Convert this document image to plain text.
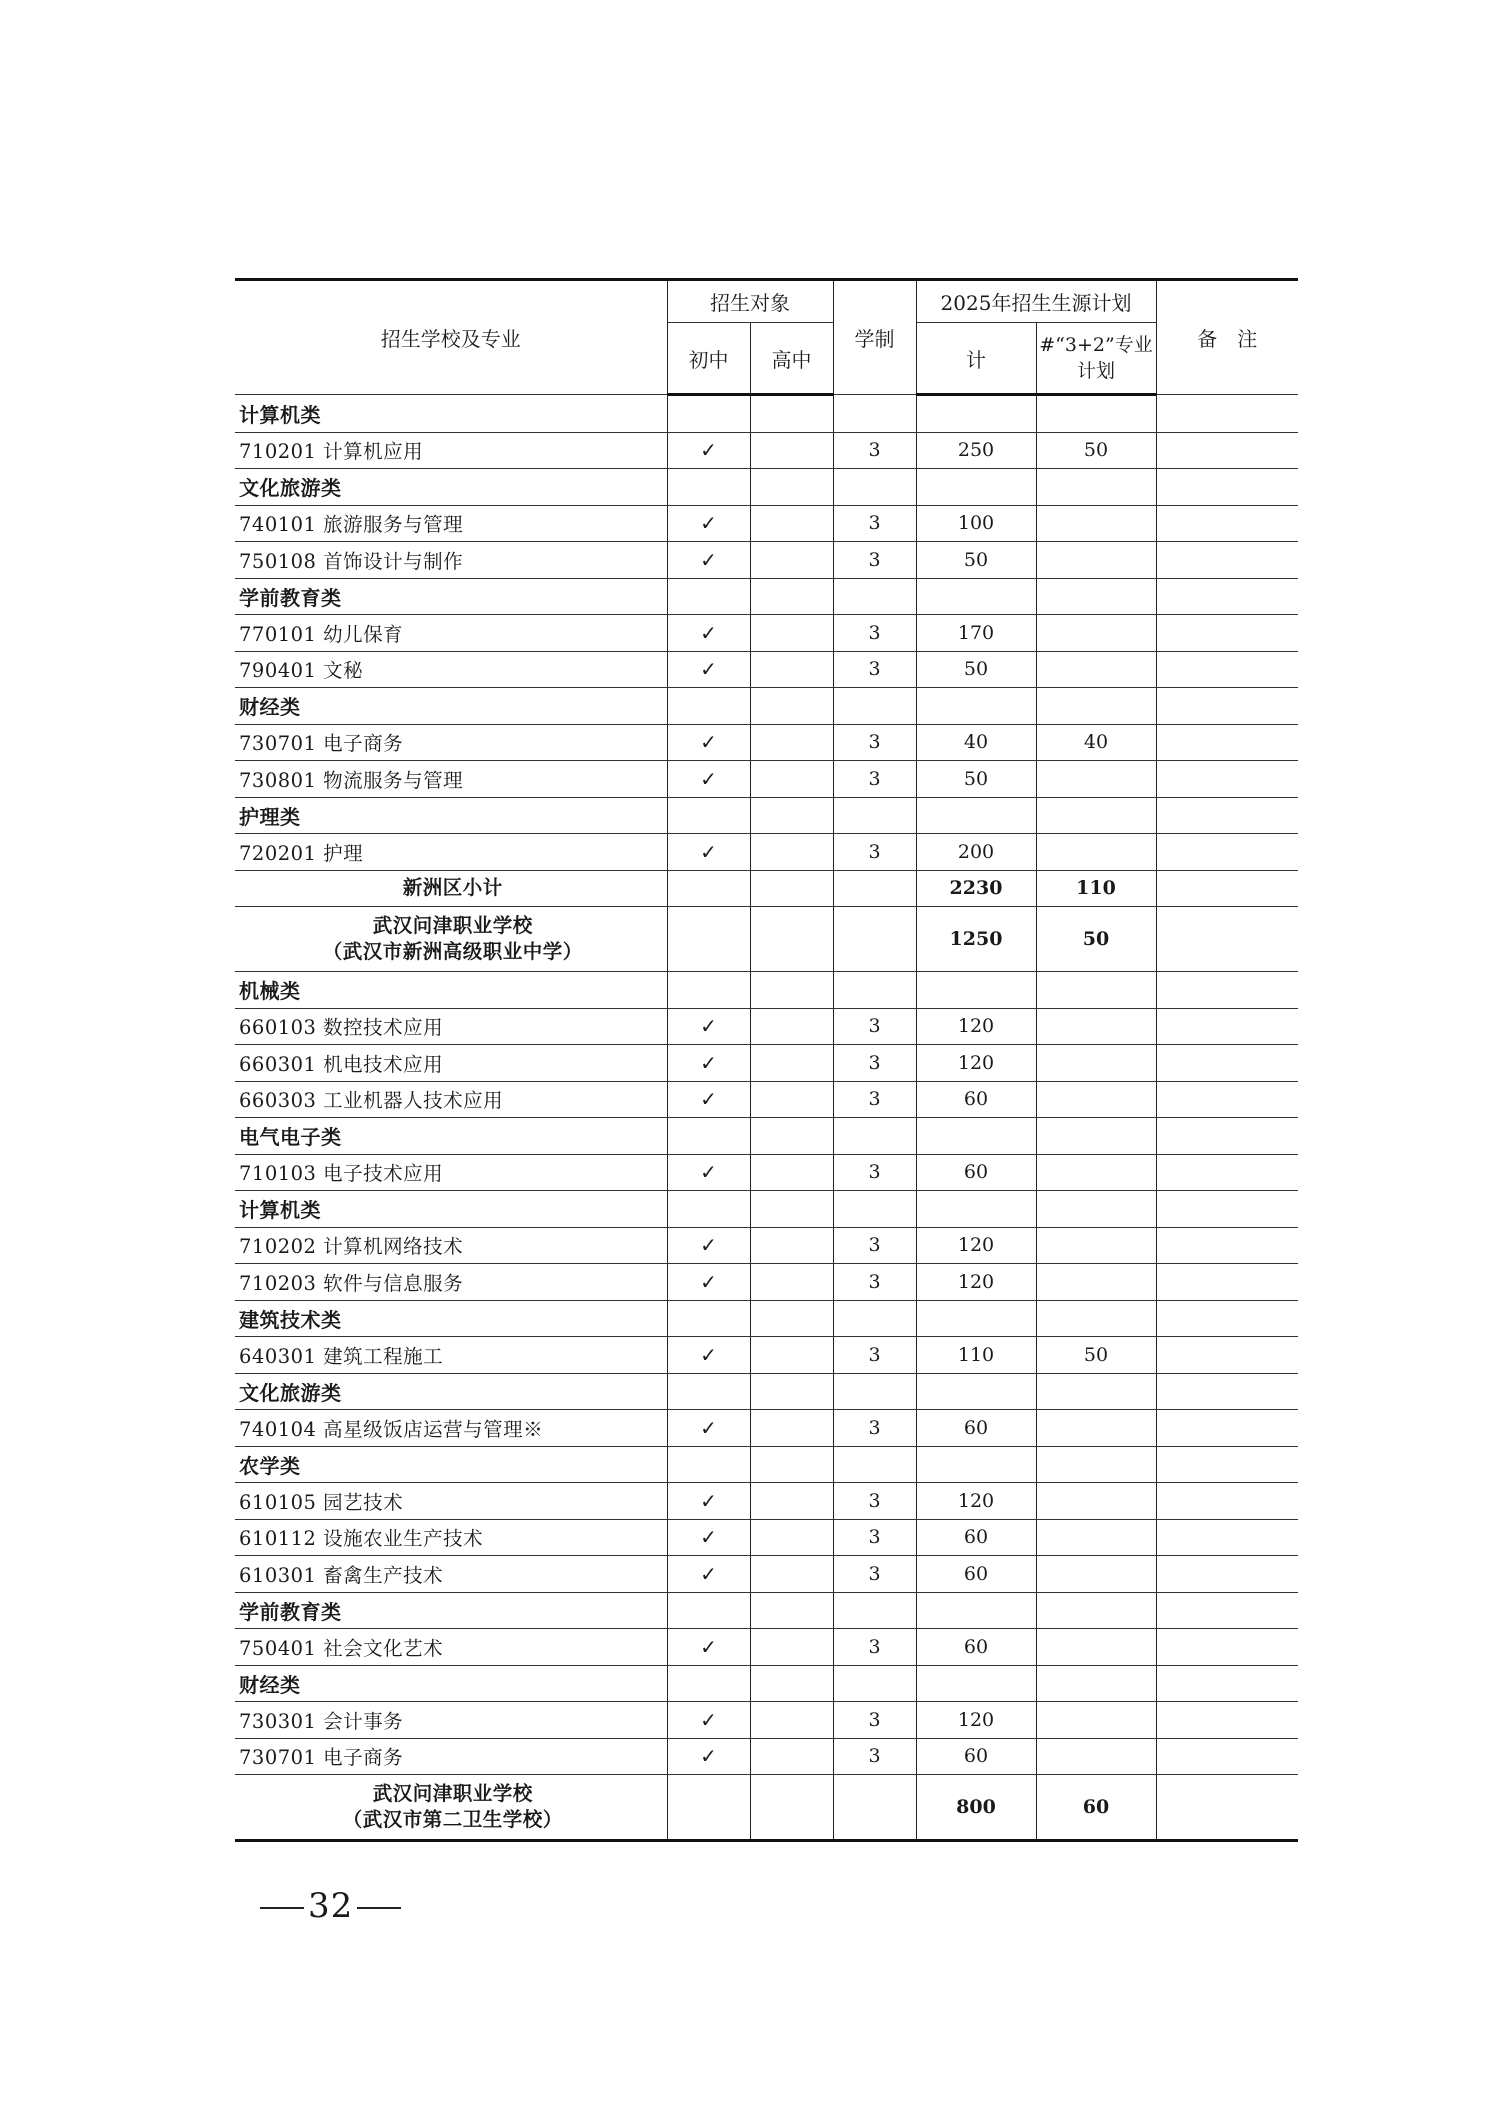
招生学校及专业	招生对象		学制	2025年招生生源计划		备　注
	初中	高中		计	#“3+2”专业
计划	
计算机类						
710201 计算机应用	✓		3	250	50	
文化旅游类						
740101 旅游服务与管理	✓		3	100		
750108 首饰设计与制作	✓		3	50		
学前教育类						
770101 幼儿保育	✓		3	170		
790401 文秘	✓		3	50		
财经类						
730701 电子商务	✓		3	40	40	
730801 物流服务与管理	✓		3	50		
护理类						
720201 护理	✓		3	200		
新洲区小计				2230	110	

武汉问津职业学校
（武汉市新洲高级职业中学）				1250	50	
机械类						
660103 数控技术应用	✓		3	120		
660301 机电技术应用	✓		3	120		
660303 工业机器人技术应用	✓		3	60		
电气电子类						
710103 电子技术应用	✓		3	60		
计算机类						
710202 计算机网络技术	✓		3	120		
710203 软件与信息服务	✓		3	120		
建筑技术类						
640301 建筑工程施工	✓		3	110	50	
文化旅游类						
740104 高星级饭店运营与管理※	✓		3	60		
农学类						
610105 园艺技术	✓		3	120		
610112 设施农业生产技术	✓		3	60		
610301 畜禽生产技术	✓		3	60		
学前教育类						
750401 社会文化艺术	✓		3	60		
财经类						
730301 会计事务	✓		3	120		
730701 电子商务	✓		3	60		

武汉问津职业学校
（武汉市第二卫生学校）				800	60	
32
